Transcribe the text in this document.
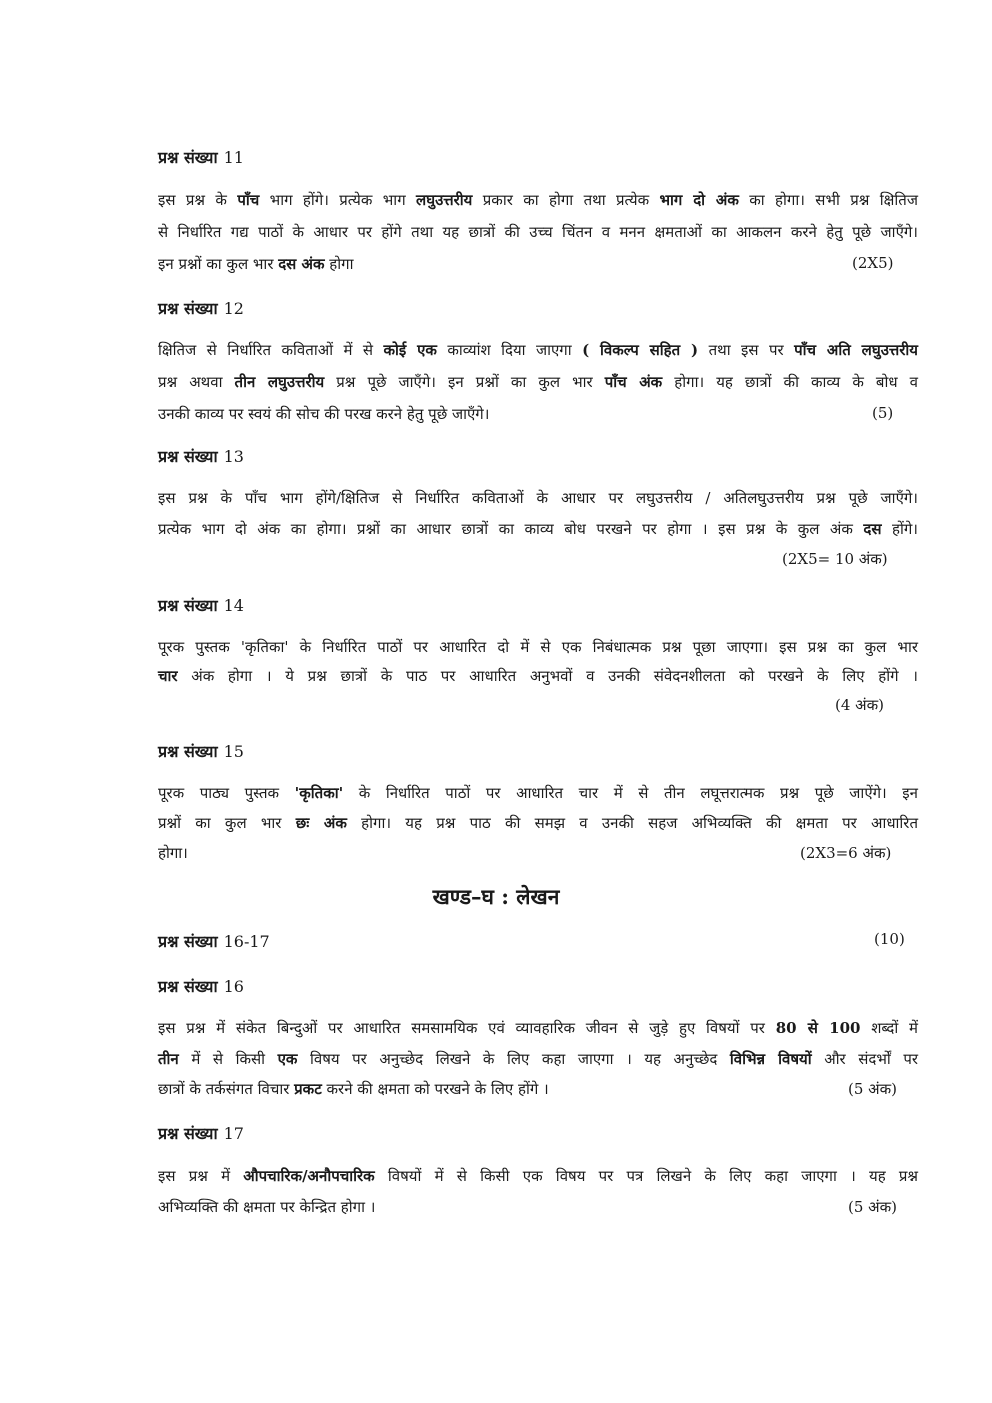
प्रश्न संख्या 11
इस प्रश्न के पाँच भाग होंगे। प्रत्येक भाग लघुउत्तरीय प्रकार का होगा तथा प्रत्येक भाग दो अंक का होगा। सभी प्रश्न क्षितिज
से निर्धारित गद्य पाठों के आधार पर होंगे तथा यह छात्रों की उच्च चिंतन व मनन क्षमताओं का आकलन करने हेतु पूछे जाएँगे।
इन प्रश्नों का कुल भार दस अंक होगा	(2X5)
प्रश्न संख्या 12
क्षितिज से निर्धारित कविताओं में से कोई एक काव्यांश दिया जाएगा ( विकल्प सहित ) तथा इस पर पाँच अति लघुउत्तरीय
प्रश्न अथवा तीन लघुउत्तरीय प्रश्न पूछे जाएँगे। इन प्रश्नों का कुल भार पाँच अंक होगा। यह छात्रों की काव्य के बोध व
उनकी काव्य पर स्वयं की सोच की परख करने हेतु पूछे जाएँगे।	(5)
प्रश्न संख्या 13
इस प्रश्न के पाँच भाग होंगे/क्षितिज से निर्धारित कविताओं के आधार पर लघुउत्तरीय / अतिलघुउत्तरीय प्रश्न पूछे जाएँगे।
प्रत्येक भाग दो अंक का होगा। प्रश्नों का आधार छात्रों का काव्य बोध परखने पर होगा । इस प्रश्न के कुल अंक दस होंगे।
(2X5= 10 अंक)
प्रश्न संख्या 14
पूरक पुस्तक 'कृतिका' के निर्धारित पाठों पर आधारित दो में से एक निबंधात्मक प्रश्न पूछा जाएगा। इस प्रश्न का कुल भार
चार अंक होगा । ये प्रश्न छात्रों के पाठ पर आधारित अनुभवों व उनकी संवेदनशीलता को परखने के लिए होंगे ।
(4 अंक)
प्रश्न संख्या 15
पूरक पाठ्य पुस्तक 'कृतिका' के निर्धारित पाठों पर आधारित चार में से तीन लघूत्तरात्मक प्रश्न पूछे जाऐंगे। इन
प्रश्नों का कुल भार छः अंक होगा। यह प्रश्न पाठ की समझ व उनकी सहज अभिव्यक्ति की क्षमता पर आधारित
होगा।	(2X3=6 अंक)
खण्ड–घ : लेखन
प्रश्न संख्या 16-17	(10)
प्रश्न संख्या 16
इस प्रश्न में संकेत बिन्दुओं पर आधारित समसामयिक एवं व्यावहारिक जीवन से जुड़े हुए विषयों पर 80 से 100 शब्दों में
तीन में से किसी एक विषय पर अनुच्छेद लिखने के लिए कहा जाएगा । यह अनुच्छेद विभिन्न विषयों और संदर्भों पर
छात्रों के तर्कसंगत विचार प्रकट करने की क्षमता को परखने के लिए होंगे ।	(5 अंक)
प्रश्न संख्या 17
इस प्रश्न में औपचारिक/अनौपचारिक विषयों में से किसी एक विषय पर पत्र लिखने के लिए कहा जाएगा । यह प्रश्न
अभिव्यक्ति की क्षमता पर केन्द्रित होगा ।	(5 अंक)
